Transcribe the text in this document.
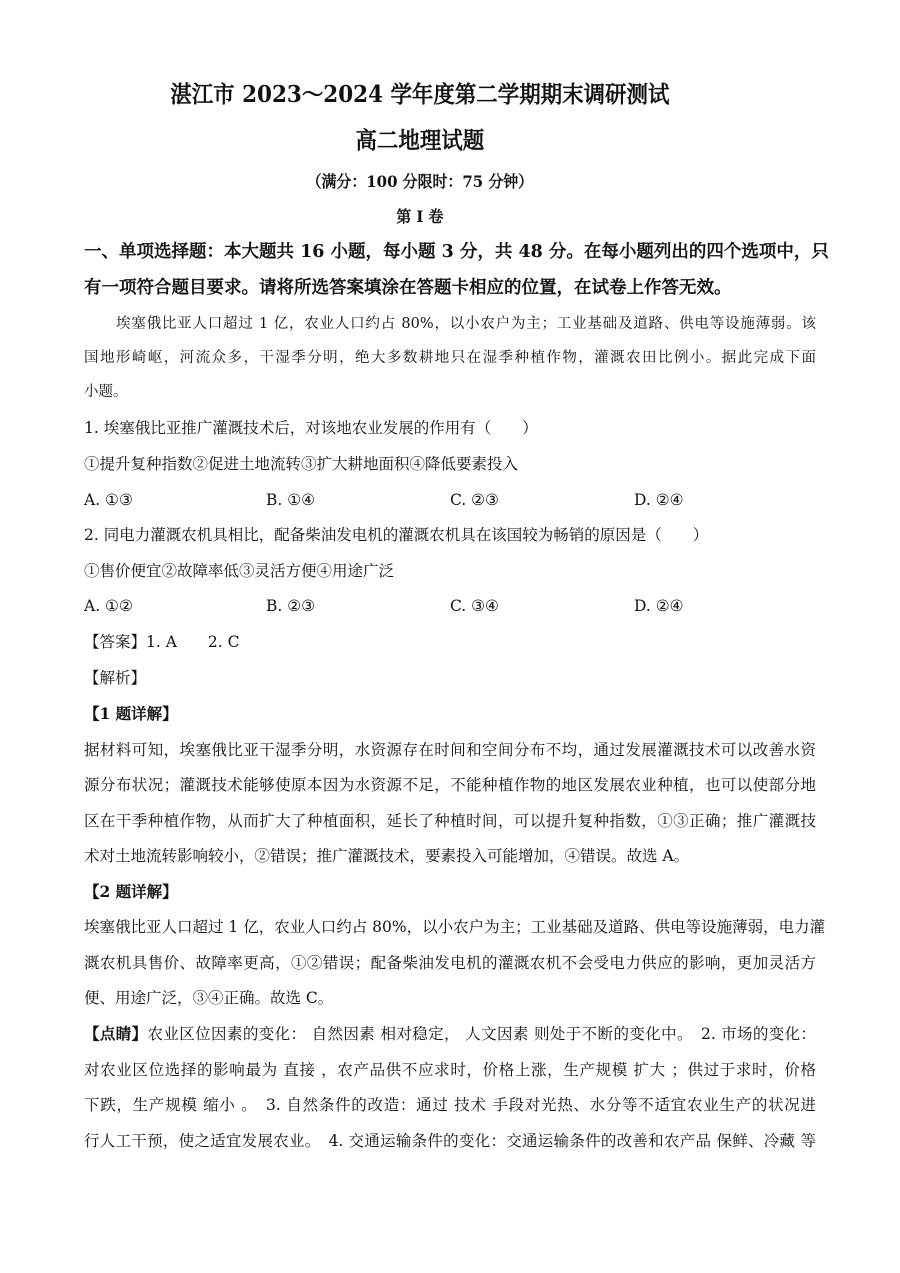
湛江市 2023～2024 学年度第二学期期末调研测试
高二地理试题
（满分：100 分限时：75 分钟）
第 I 卷
一、单项选择题：本大题共 16 小题，每小题 3 分，共 48 分。在每小题列出的四个选项中，只
有一项符合题目要求。请将所选答案填涂在答题卡相应的位置，在试卷上作答无效。
埃塞俄比亚人口超过 1 亿，农业人口约占 80%，以小农户为主；工业基础及道路、供电等设施薄弱。该
国地形崎岖，河流众多，干湿季分明，绝大多数耕地只在湿季种植作物，灌溉农田比例小。据此完成下面
小题。
1. 埃塞俄比亚推广灌溉技术后，对该地农业发展的作用有（　　）
①提升复种指数②促进土地流转③扩大耕地面积④降低要素投入
A. ①③	B. ①④	C. ②③	D. ②④
2. 同电力灌溉农机具相比，配备柴油发电机的灌溉农机具在该国较为畅销的原因是（　　）
①售价便宜②故障率低③灵活方便④用途广泛
A. ①②	B. ②③	C. ③④	D. ②④
【答案】1. A　　2. C
【解析】
【1 题详解】
据材料可知，埃塞俄比亚干湿季分明，水资源存在时间和空间分布不均，通过发展灌溉技术可以改善水资
源分布状况；灌溉技术能够使原本因为水资源不足，不能种植作物的地区发展农业种植，也可以使部分地
区在干季种植作物，从而扩大了种植面积，延长了种植时间，可以提升复种指数，①③正确；推广灌溉技
术对土地流转影响较小，②错误；推广灌溉技术，要素投入可能增加，④错误。故选 A。
【2 题详解】
埃塞俄比亚人口超过 1 亿，农业人口约占 80%，以小农户为主；工业基础及道路、供电等设施薄弱，电力灌
溉农机具售价、故障率更高，①②错误；配备柴油发电机的灌溉农机不会受电力供应的影响，更加灵活方
便、用途广泛，③④正确。故选 C。
【点睛】农业区位因素的变化： 自然因素 相对稳定， 人文因素 则处于不断的变化中。　2. 市场的变化：
对农业区位选择的影响最为 直接 ，农产品供不应求时，价格上涨，生产规模 扩大 ；供过于求时，价格
下跌，生产规模 缩小 。　3. 自然条件的改造：通过 技术 手段对光热、水分等不适宜农业生产的状况进
行人工干预，使之适宜发展农业。　4. 交通运输条件的变化：交通运输条件的改善和农产品 保鲜、冷藏 等
